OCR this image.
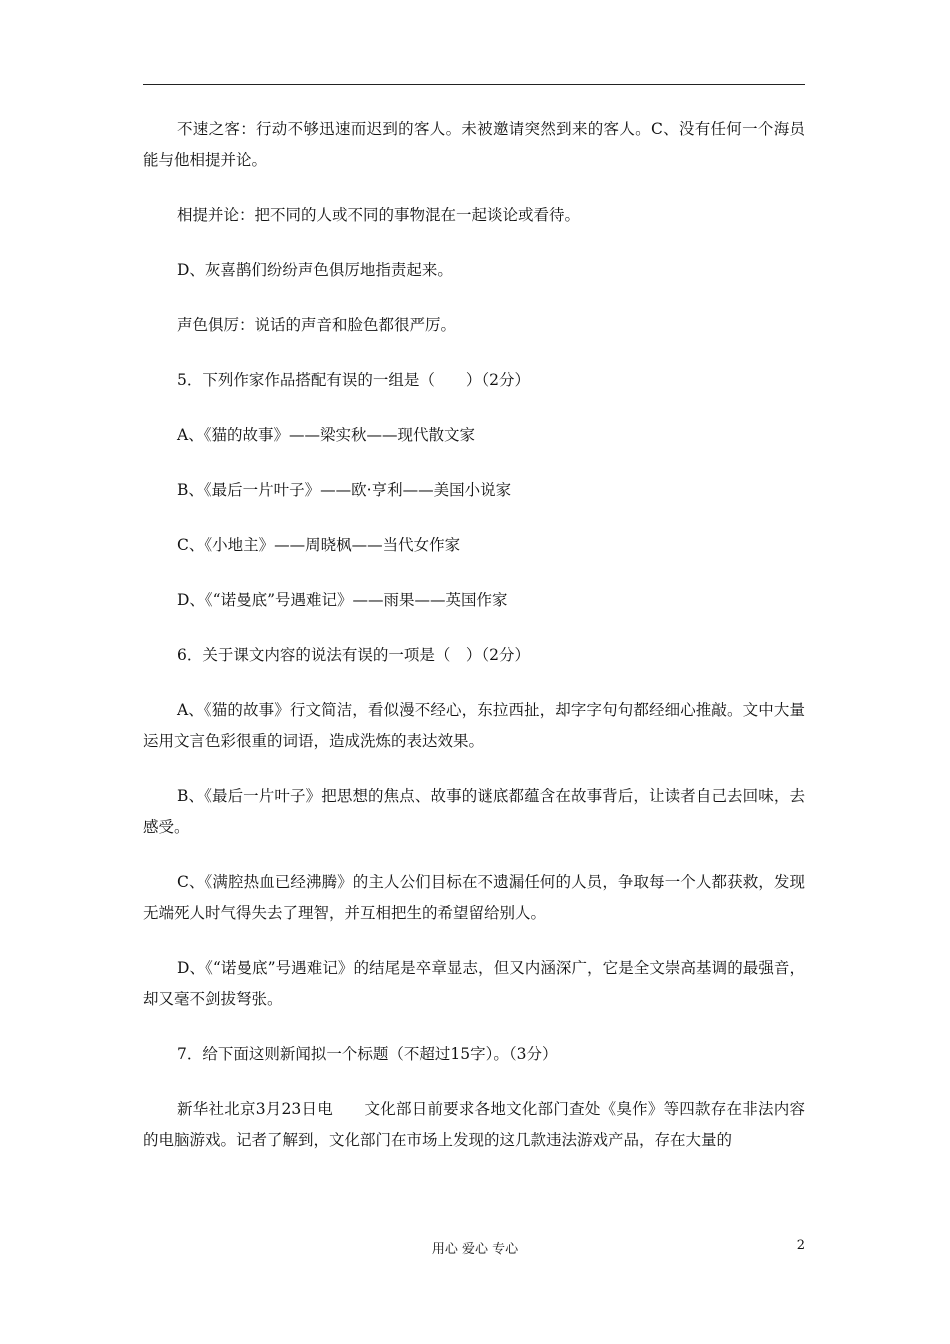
不速之客：行动不够迅速而迟到的客人。未被邀请突然到来的客人。C、没有任何一个海员能与他相提并论。

相提并论：把不同的人或不同的事物混在一起谈论或看待。

D、灰喜鹊们纷纷声色俱厉地指责起来。

声色俱厉：说话的声音和脸色都很严厉。

5．下列作家作品搭配有误的一组是（　　）（2分）

A、《猫的故事》——梁实秋——现代散文家

B、《最后一片叶子》——欧·亨利——美国小说家

C、《小地主》——周晓枫——当代女作家

D、《“诺曼底”号遇难记》——雨果——英国作家

6．关于课文内容的说法有误的一项是（　）（2分）

A、《猫的故事》行文简洁，看似漫不经心，东拉西扯，却字字句句都经细心推敲。文中大量运用文言色彩很重的词语，造成洗炼的表达效果。

B、《最后一片叶子》把思想的焦点、故事的谜底都蕴含在故事背后，让读者自己去回味，去感受。

C、《满腔热血已经沸腾》的主人公们目标在不遗漏任何的人员，争取每一个人都获救，发现无端死人时气得失去了理智，并互相把生的希望留给别人。

D、《“诺曼底”号遇难记》的结尾是卒章显志，但又内涵深广，它是全文崇高基调的最强音，却又毫不剑拔弩张。

7．给下面这则新闻拟一个标题（不超过15字）。（3分）

新华社北京3月23日电　　文化部日前要求各地文化部门查处《臭作》等四款存在非法内容的电脑游戏。记者了解到，文化部门在市场上发现的这几款违法游戏产品，存在大量的

用心 爱心 专心	2
